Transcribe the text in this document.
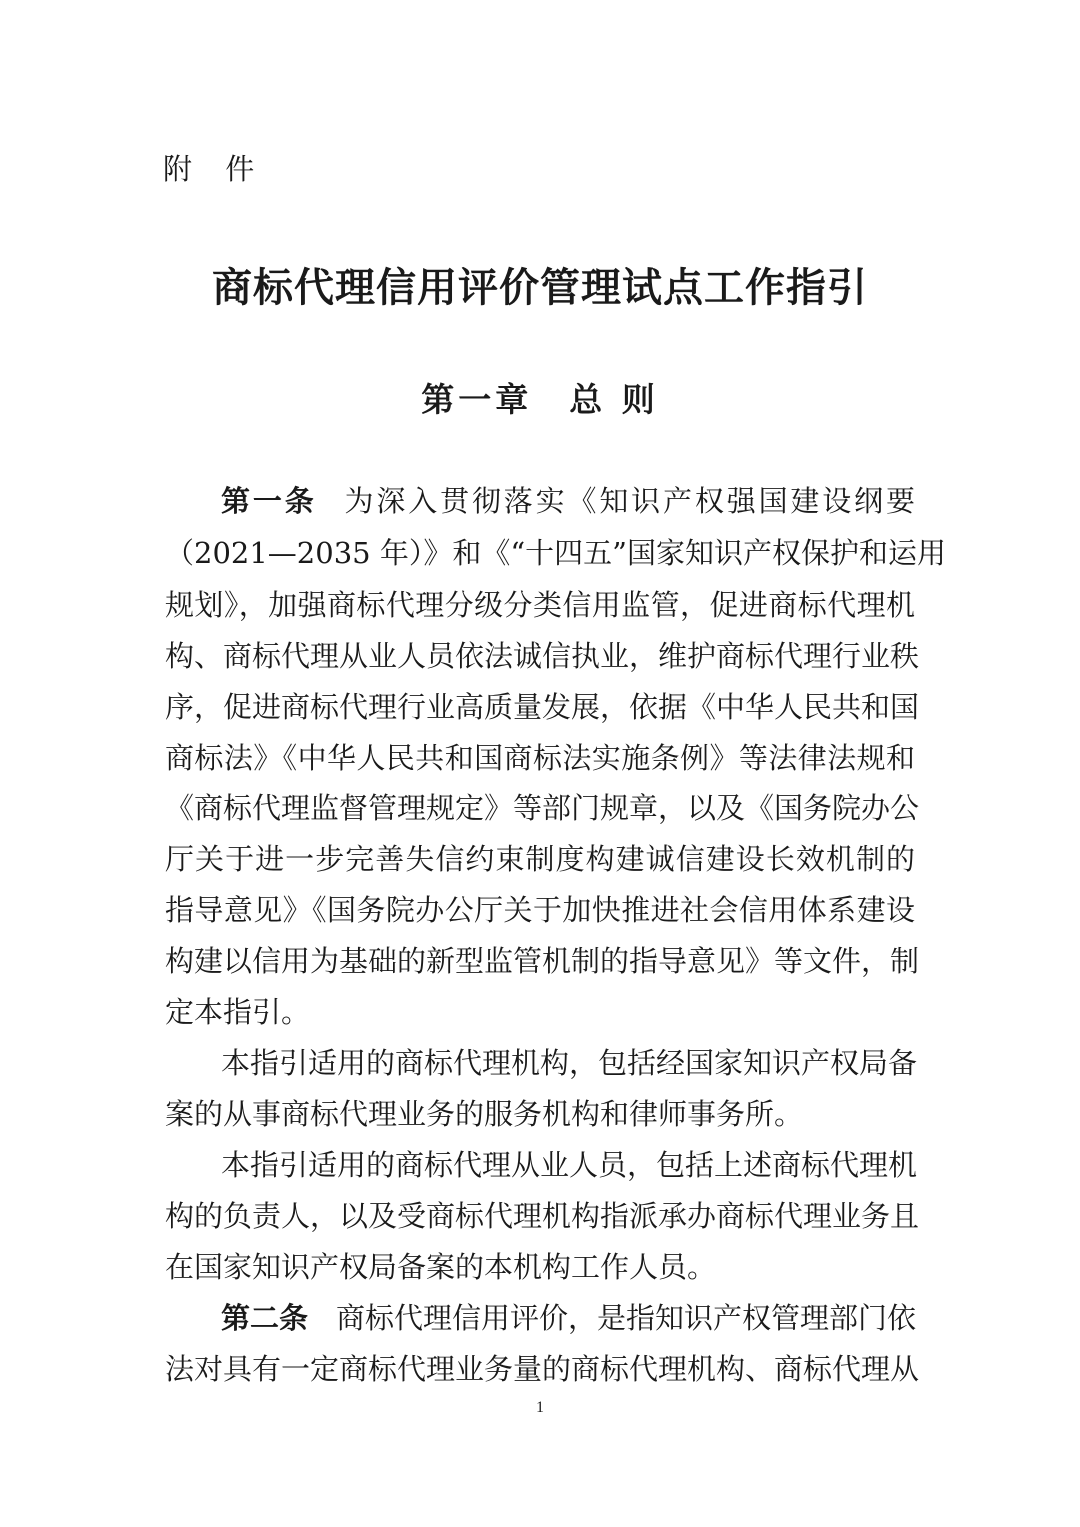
附 件
商标代理信用评价管理试点工作指引
第一章　总 则
第一条 为深入贯彻落实《知识产权强国建设纲要
（2021—2035 年）》和《“十四五”国家知识产权保护和运用
规划》，加强商标代理分级分类信用监管，促进商标代理机
构、商标代理从业人员依法诚信执业，维护商标代理行业秩
序，促进商标代理行业高质量发展，依据《中华人民共和国
商标法》《中华人民共和国商标法实施条例》等法律法规和
《商标代理监督管理规定》等部门规章，以及《国务院办公
厅关于进一步完善失信约束制度构建诚信建设长效机制的
指导意见》《国务院办公厅关于加快推进社会信用体系建设
构建以信用为基础的新型监管机制的指导意见》等文件，制
定本指引。
本指引适用的商标代理机构，包括经国家知识产权局备
案的从事商标代理业务的服务机构和律师事务所。
本指引适用的商标代理从业人员，包括上述商标代理机
构的负责人，以及受商标代理机构指派承办商标代理业务且
在国家知识产权局备案的本机构工作人员。
第二条 商标代理信用评价，是指知识产权管理部门依
法对具有一定商标代理业务量的商标代理机构、商标代理从
1
